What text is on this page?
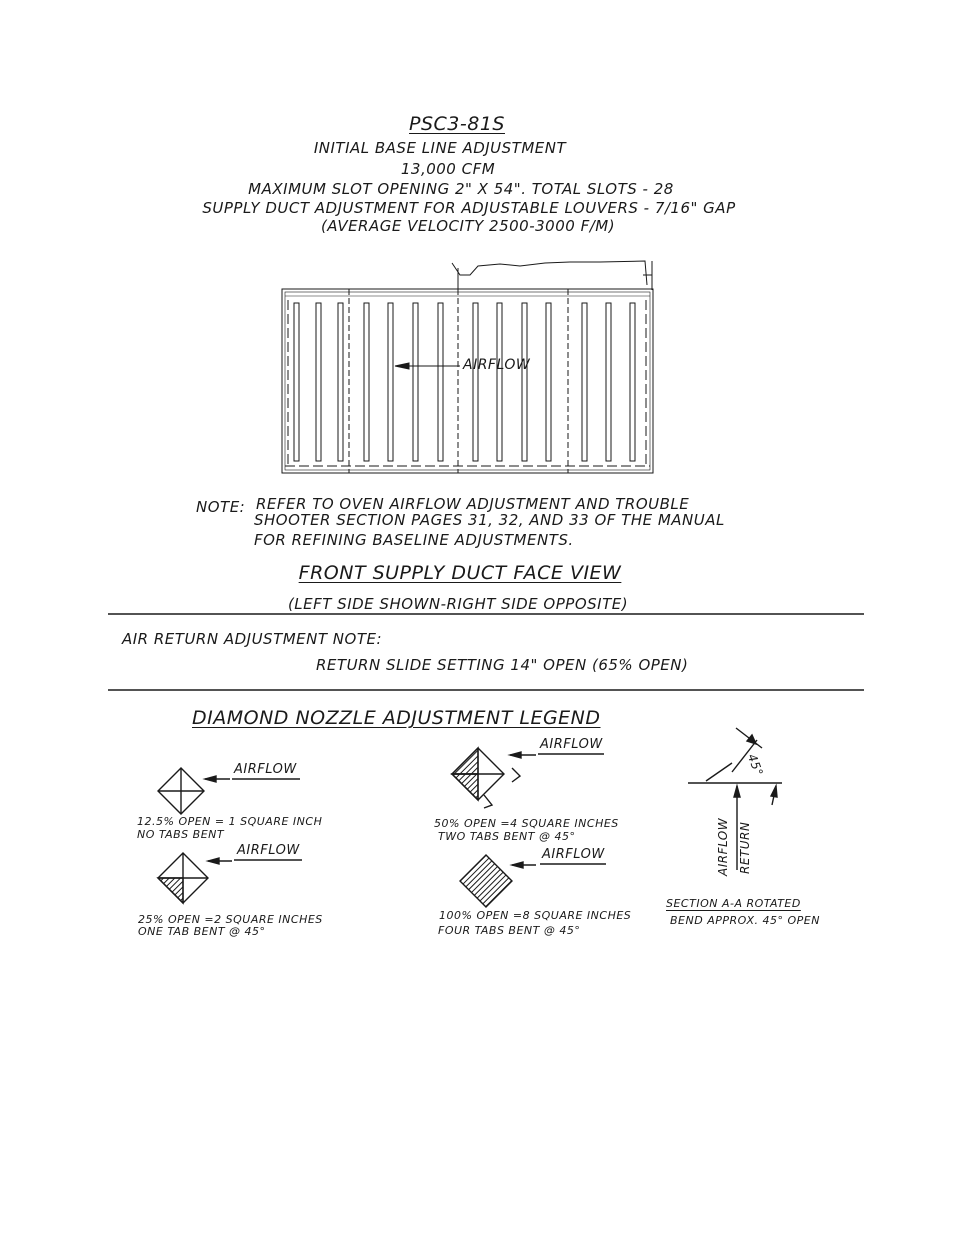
PSC3-81S
INITIAL BASE LINE ADJUSTMENT
13,000 CFM
MAXIMUM SLOT OPENING 2" X 54". TOTAL SLOTS - 28
SUPPLY DUCT ADJUSTMENT FOR ADJUSTABLE LOUVERS - 7/16" GAP
(AVERAGE VELOCITY 2500-3000 F/M)
AIRFLOW
NOTE: REFER TO OVEN AIRFLOW ADJUSTMENT AND TROUBLE
SHOOTER SECTION PAGES 31, 32, AND 33 OF THE MANUAL
FOR REFINING BASELINE ADJUSTMENTS.
FRONT SUPPLY DUCT FACE VIEW
(LEFT SIDE SHOWN-RIGHT SIDE OPPOSITE)
AIR RETURN ADJUSTMENT NOTE:
RETURN SLIDE SETTING 14" OPEN (65% OPEN)
DIAMOND NOZZLE ADJUSTMENT LEGEND
AIRFLOW
12.5% OPEN = 1 SQUARE INCH
NO TABS BENT
AIRFLOW
25% OPEN =2 SQUARE INCHES
ONE TAB BENT @ 45°
AIRFLOW
50% OPEN =4 SQUARE INCHES
TWO TABS BENT @ 45°
AIRFLOW
100% OPEN =8 SQUARE INCHES
FOUR TABS BENT @ 45°
45°
AIRFLOW RETURN
SECTION A-A ROTATED
BEND APPROX. 45° OPEN
